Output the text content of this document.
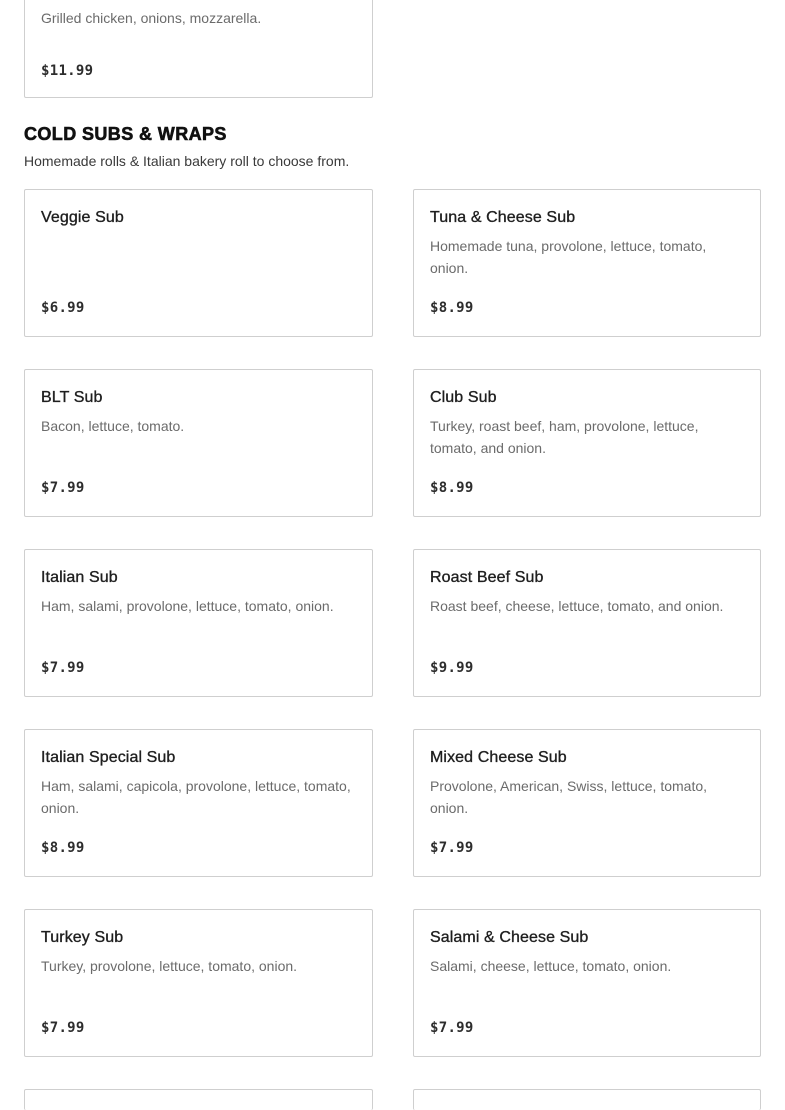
Grilled chicken, onions, mozzarella.
$11.99
COLD SUBS & WRAPS
Homemade rolls & Italian bakery roll to choose from.
Veggie Sub
$6.99
Tuna & Cheese Sub
Homemade tuna, provolone, lettuce, tomato, onion.
$8.99
BLT Sub
Bacon, lettuce, tomato.
$7.99
Club Sub
Turkey, roast beef, ham, provolone, lettuce, tomato, and onion.
$8.99
Italian Sub
Ham, salami, provolone, lettuce, tomato, onion.
$7.99
Roast Beef Sub
Roast beef, cheese, lettuce, tomato, and onion.
$9.99
Italian Special Sub
Ham, salami, capicola, provolone, lettuce, tomato, onion.
$8.99
Mixed Cheese Sub
Provolone, American, Swiss, lettuce, tomato, onion.
$7.99
Turkey Sub
Turkey, provolone, lettuce, tomato, onion.
$7.99
Salami & Cheese Sub
Salami, cheese, lettuce, tomato, onion.
$7.99
